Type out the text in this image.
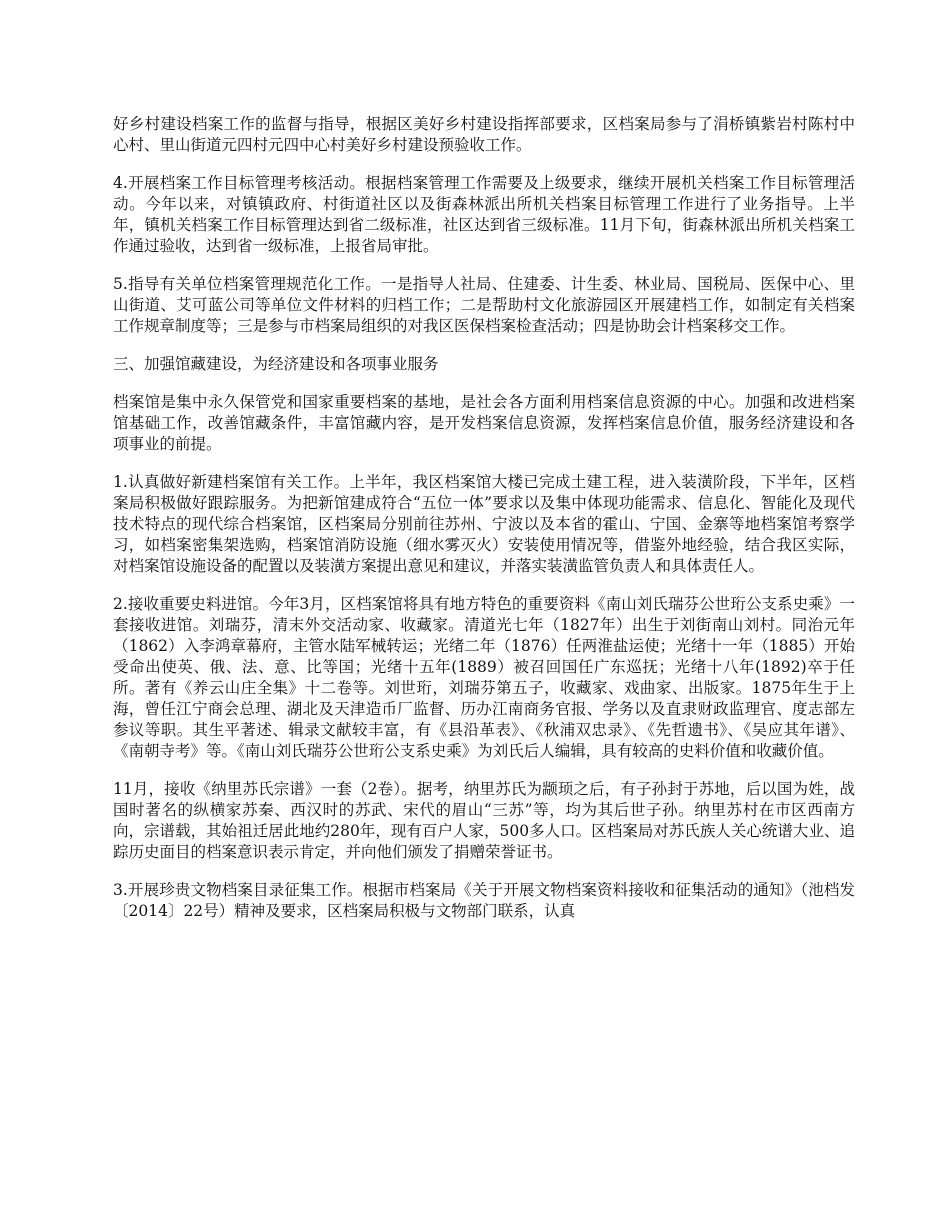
好乡村建设档案工作的监督与指导，根据区美好乡村建设指挥部要求，区档案局参与了涓桥镇紫岩村陈村中心村、里山街道元四村元四中心村美好乡村建设预验收工作。

4.开展档案工作目标管理考核活动。根据档案管理工作需要及上级要求，继续开展机关档案工作目标管理活动。今年以来，对镇镇政府、村街道社区以及街森林派出所机关档案目标管理工作进行了业务指导。上半年，镇机关档案工作目标管理达到省二级标准，社区达到省三级标准。11月下旬，街森林派出所机关档案工作通过验收，达到省一级标准，上报省局审批。

5.指导有关单位档案管理规范化工作。一是指导人社局、住建委、计生委、林业局、国税局、医保中心、里山街道、艾可蓝公司等单位文件材料的归档工作；二是帮助村文化旅游园区开展建档工作，如制定有关档案工作规章制度等；三是参与市档案局组织的对我区医保档案检查活动；四是协助会计档案移交工作。

三、加强馆藏建设，为经济建设和各项事业服务

档案馆是集中永久保管党和国家重要档案的基地，是社会各方面利用档案信息资源的中心。加强和改进档案馆基础工作，改善馆藏条件，丰富馆藏内容，是开发档案信息资源，发挥档案信息价值，服务经济建设和各项事业的前提。

1.认真做好新建档案馆有关工作。上半年，我区档案馆大楼已完成土建工程，进入装潢阶段，下半年，区档案局积极做好跟踪服务。为把新馆建成符合“五位一体”要求以及集中体现功能需求、信息化、智能化及现代技术特点的现代综合档案馆，区档案局分别前往苏州、宁波以及本省的霍山、宁国、金寨等地档案馆考察学习，如档案密集架选购，档案馆消防设施（细水雾灭火）安装使用情况等，借鉴外地经验，结合我区实际，对档案馆设施设备的配置以及装潢方案提出意见和建议，并落实装潢监管负责人和具体责任人。

2.接收重要史料进馆。今年3月，区档案馆将具有地方特色的重要资料《南山刘氏瑞芬公世珩公支系史乘》一套接收进馆。刘瑞芬，清末外交活动家、收藏家。清道光七年（1827年）出生于刘街南山刘村。同治元年（1862）入李鸿章幕府，主管水陆军械转运；光绪二年（1876）任两淮盐运使；光绪十一年（1885）开始受命出使英、俄、法、意、比等国；光绪十五年(1889）被召回国任广东巡抚；光绪十八年(1892)卒于任所。著有《养云山庄全集》十二卷等。刘世珩，刘瑞芬第五子，收藏家、戏曲家、出版家。1875年生于上海，曾任江宁商会总理、湖北及天津造币厂监督、历办江南商务官报、学务以及直隶财政监理官、度志部左参议等职。其生平著述、辑录文献较丰富，有《县沿革表》、《秋浦双忠录》、《先哲遗书》、《吴应其年谱》、《南朝寺考》等。《南山刘氏瑞芬公世珩公支系史乘》为刘氏后人编辑，具有较高的史料价值和收藏价值。

11月，接收《纳里苏氏宗谱》一套（2卷）。据考，纳里苏氏为颛顼之后，有子孙封于苏地，后以国为姓，战国时著名的纵横家苏秦、西汉时的苏武、宋代的眉山“三苏”等，均为其后世子孙。纳里苏村在市区西南方向，宗谱载，其始祖迁居此地约280年，现有百户人家，500多人口。区档案局对苏氏族人关心统谱大业、追踪历史面目的档案意识表示肯定，并向他们颁发了捐赠荣誉证书。

3.开展珍贵文物档案目录征集工作。根据市档案局《关于开展文物档案资料接收和征集活动的通知》（池档发〔2014〕22号）精神及要求，区档案局积极与文物部门联系，认真
